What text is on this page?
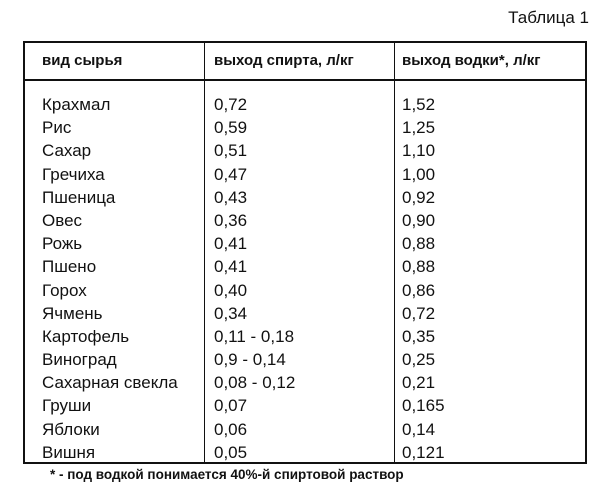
Таблица 1
вид сырья	выход спирта, л/кг	выход водки*, л/кг
Крахмал	0,72	1,52
Рис	0,59	1,25
Сахар	0,51	1,10
Гречиха	0,47	1,00
Пшеница	0,43	0,92
Овес	0,36	0,90
Рожь	0,41	0,88
Пшено	0,41	0,88
Горох	0,40	0,86
Ячмень	0,34	0,72
Картофель	0,11 - 0,18	0,35
Виноград	0,9 - 0,14	0,25
Сахарная свекла 0,08 - 0,12	0,21
Груши	0,07	0,165
Яблоки	0,06	0,14
Вишня	0,05	0,121
* - под водкой понимается 40%-й спиртовой раствор
